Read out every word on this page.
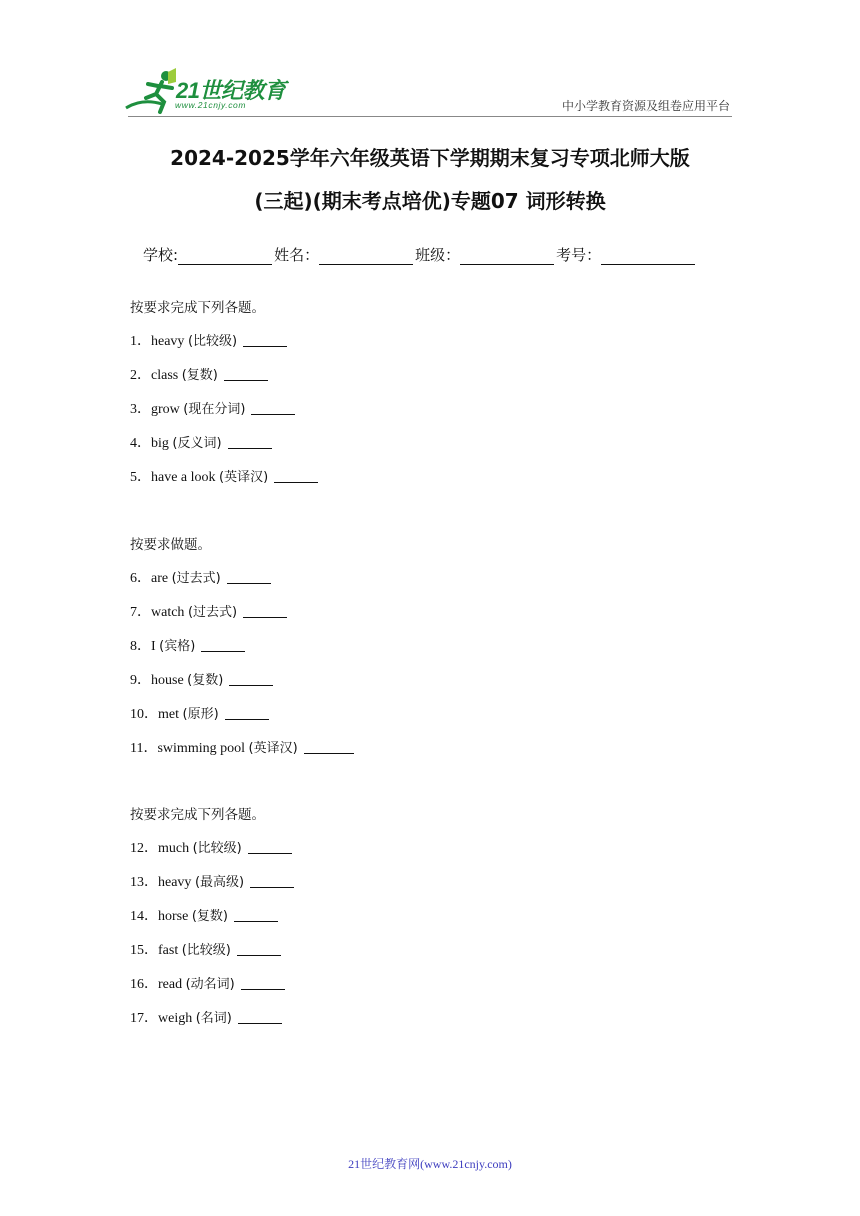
21世纪教育
www.21cnjy.com	中小学教育资源及组卷应用平台
2024-2025学年六年级英语下学期期末复习专项北师大版
(三起)(期末考点培优)专题07 词形转换
学校:	姓名：	班级：	考号：
按要求完成下列各题。
1．heavy (比较级)
2．class (复数)
3．grow (现在分词)
4．big (反义词)
5．have a look (英译汉)
按要求做题。
6．are (过去式)
7．watch (过去式)
8．I (宾格)
9．house (复数)
10．met (原形)
11．swimming pool (英译汉)
按要求完成下列各题。
12．much (比较级)
13．heavy (最高级)
14．horse (复数)
15．fast (比较级)
16．read (动名词)
17．weigh (名词)
21世纪教育网(www.21cnjy.com)
